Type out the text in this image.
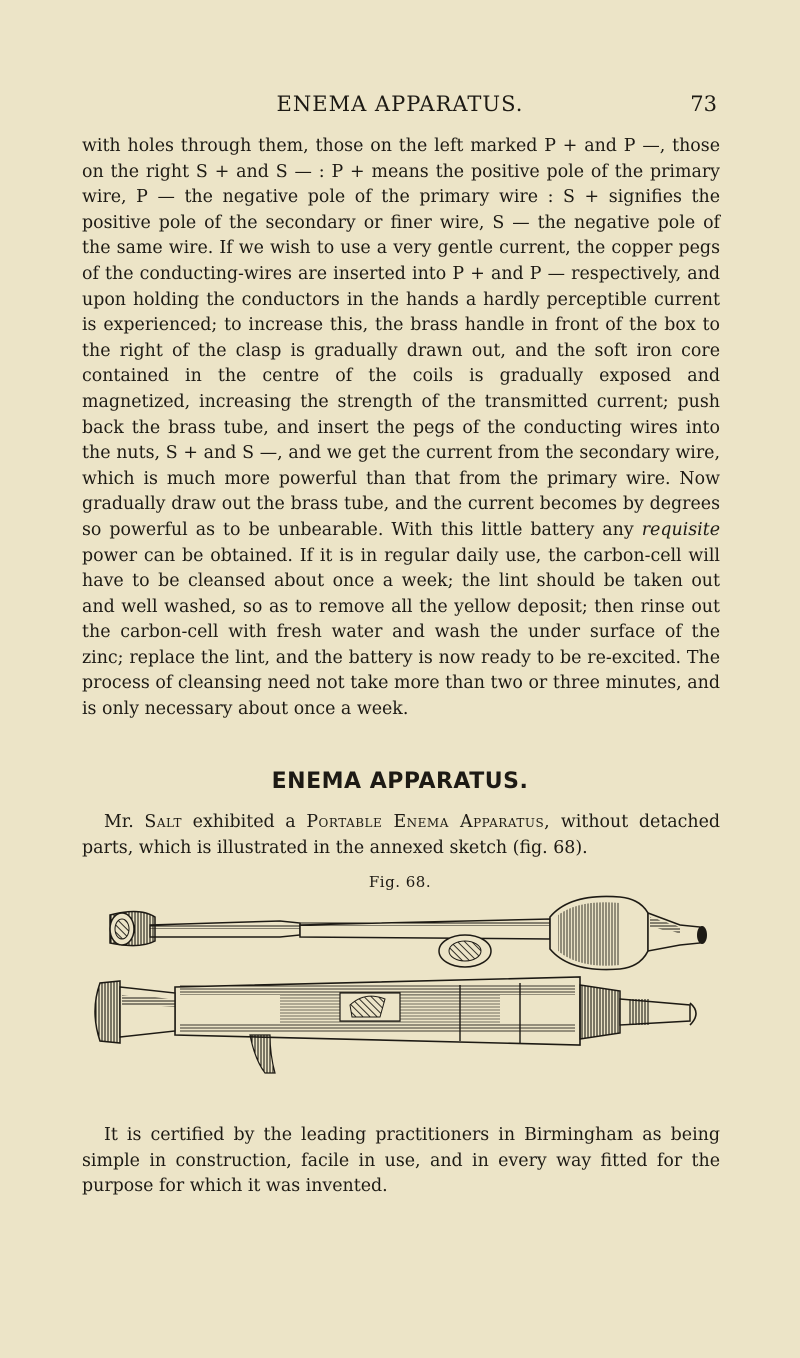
ENEMA APPARATUS.	73

with holes through them, those on the left marked P + and P —, those on the right S + and S — : P + means the positive pole of the primary wire, P — the negative pole of the primary wire : S + signifies the positive pole of the secondary or finer wire, S — the negative pole of the same wire. If we wish to use a very gentle current, the copper pegs of the conducting-wires are inserted into P + and P — respectively, and upon holding the conductors in the hands a hardly perceptible current is experienced; to increase this, the brass handle in front of the box to the right of the clasp is gradually drawn out, and the soft iron core contained in the centre of the coils is gradually exposed and magnetized, increasing the strength of the transmitted current; push back the brass tube, and insert the pegs of the conducting wires into the nuts, S + and S —, and we get the current from the secondary wire, which is much more powerful than that from the primary wire. Now gradually draw out the brass tube, and the current becomes by degrees so powerful as to be unbearable. With this little battery any requisite power can be obtained. If it is in regular daily use, the carbon-cell will have to be cleansed about once a week; the lint should be taken out and well washed, so as to remove all the yellow deposit; then rinse out the carbon-cell with fresh water and wash the under surface of the zinc; replace the lint, and the battery is now ready to be re-excited. The process of cleansing need not take more than two or three minutes, and is only necessary about once a week.

ENEMA APPARATUS.

Mr. Salt exhibited a Portable Enema Apparatus, without detached parts, which is illustrated in the annexed sketch (fig. 68).

Fig. 68.

It is certified by the leading practitioners in Birmingham as being simple in construction, facile in use, and in every way fitted for the purpose for which it was invented.
